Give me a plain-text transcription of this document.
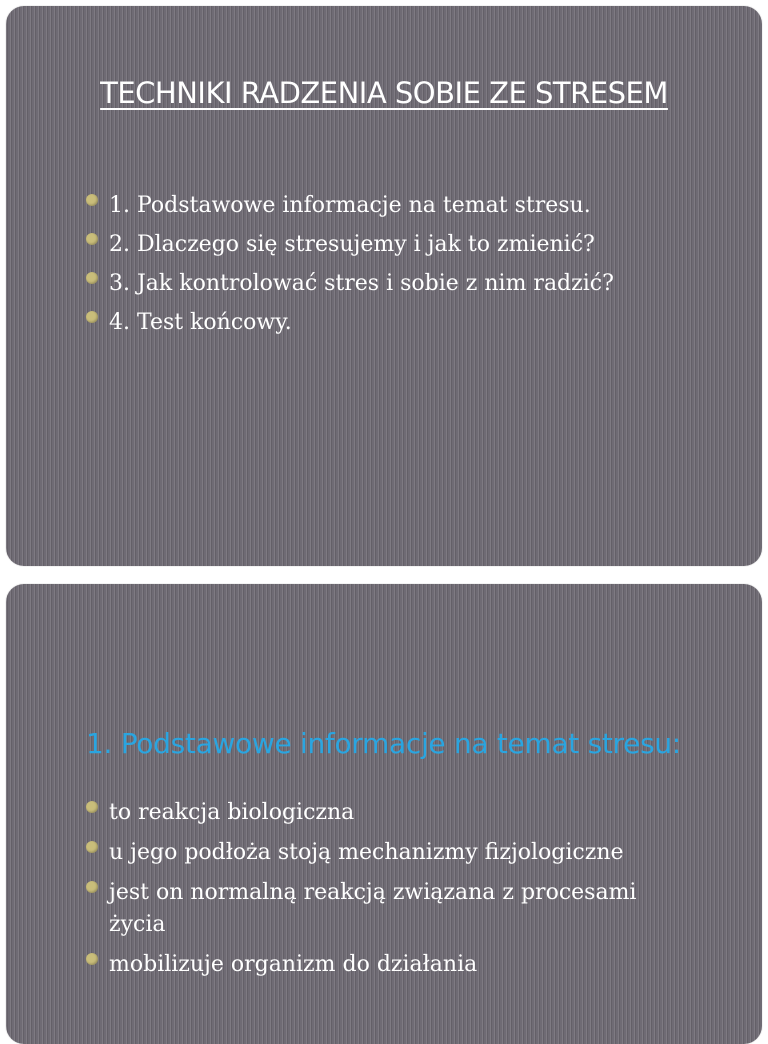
TECHNIKI RADZENIA SOBIE ZE STRESEM
1. Podstawowe informacje na temat stresu.
2. Dlaczego się stresujemy i jak to zmienić?
3. Jak kontrolować stres i sobie z nim radzić?
4. Test końcowy.
1. Podstawowe informacje na temat stresu:
to reakcja biologiczna
u jego podłoża stoją mechanizmy fizjologiczne
jest on normalną reakcją związana z procesami życia
mobilizuje organizm do działania
